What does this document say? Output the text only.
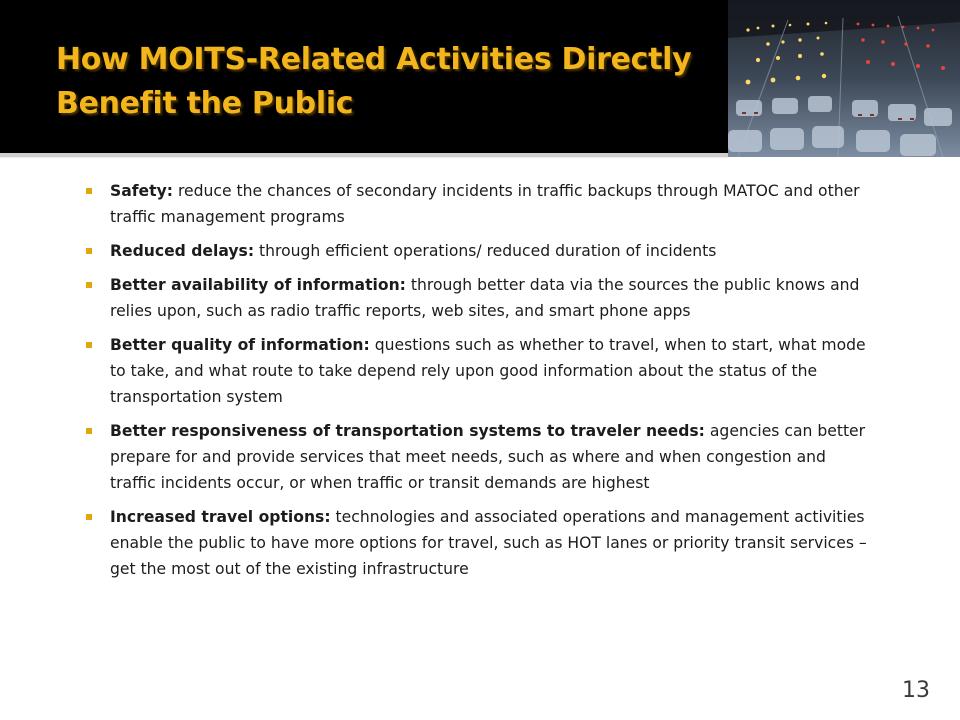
How MOITS-Related Activities Directly Benefit the Public
Safety: reduce the chances of secondary incidents in traffic backups through MATOC and other traffic management programs
Reduced delays: through efficient operations/ reduced duration of incidents
Better availability of information: through better data via the sources the public knows and relies upon, such as radio traffic reports, web sites, and smart phone apps
Better quality of information: questions such as whether to travel, when to start, what mode to take, and what route to take depend rely upon good information about the status of the transportation system
Better responsiveness of transportation systems to traveler needs: agencies can better prepare for and provide services that meet needs, such as where and when congestion and traffic incidents occur, or when traffic or transit demands are highest
Increased travel options: technologies and associated operations and management activities enable the public to have more options for travel, such as HOT lanes or priority transit services – get the most out of the existing infrastructure
13
